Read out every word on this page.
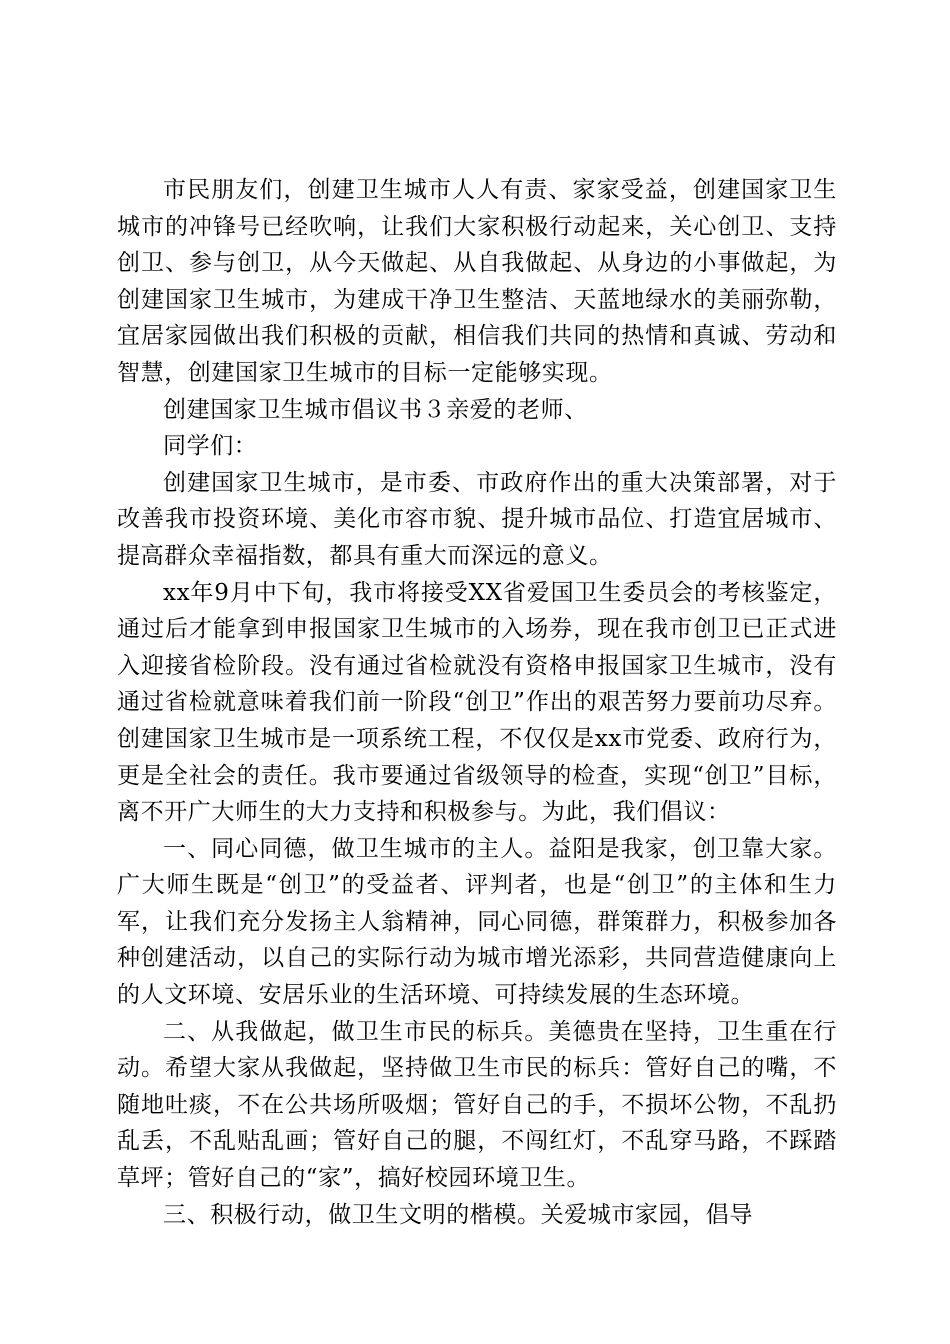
市民朋友们，创建卫生城市人人有责、家家受益，创建国家卫生城市的冲锋号已经吹响，让我们大家积极行动起来，关心创卫、支持创卫、参与创卫，从今天做起、从自我做起、从身边的小事做起，为创建国家卫生城市，为建成干净卫生整洁、天蓝地绿水的美丽弥勒，宜居家园做出我们积极的贡献，相信我们共同的热情和真诚、劳动和智慧，创建国家卫生城市的目标一定能够实现。

创建国家卫生城市倡议书３亲爱的老师、

同学们：

创建国家卫生城市，是市委、市政府作出的重大决策部署，对于改善我市投资环境、美化市容市貌、提升城市品位、打造宜居城市、提高群众幸福指数，都具有重大而深远的意义。

xx年9月中下旬，我市将接受XX省爱国卫生委员会的考核鉴定，通过后才能拿到申报国家卫生城市的入场券，现在我市创卫已正式进入迎接省检阶段。没有通过省检就没有资格申报国家卫生城市，没有通过省检就意味着我们前一阶段“创卫”作出的艰苦努力要前功尽弃。创建国家卫生城市是一项系统工程，不仅仅是xx市党委、政府行为，更是全社会的责任。我市要通过省级领导的检查，实现“创卫”目标，离不开广大师生的大力支持和积极参与。为此，我们倡议：

一、同心同德，做卫生城市的主人。益阳是我家，创卫靠大家。广大师生既是“创卫”的受益者、评判者，也是“创卫”的主体和生力军，让我们充分发扬主人翁精神，同心同德，群策群力，积极参加各种创建活动，以自己的实际行动为城市增光添彩，共同营造健康向上的人文环境、安居乐业的生活环境、可持续发展的生态环境。

二、从我做起，做卫生市民的标兵。美德贵在坚持，卫生重在行动。希望大家从我做起，坚持做卫生市民的标兵：管好自己的嘴，不随地吐痰，不在公共场所吸烟；管好自己的手，不损坏公物，不乱扔乱丢，不乱贴乱画；管好自己的腿，不闯红灯，不乱穿马路，不踩踏草坪；管好自己的“家”，搞好校园环境卫生。

三、积极行动，做卫生文明的楷模。关爱城市家园，倡导
